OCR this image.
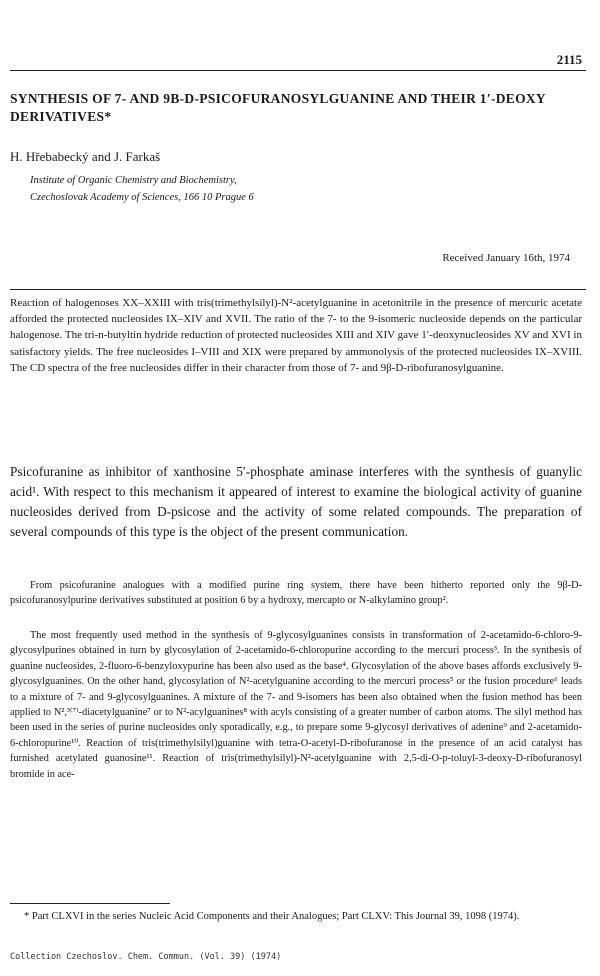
2115
SYNTHESIS OF 7- AND 9Β-D-PSICOFURANOSYLGUANINE AND THEIR 1′-DEOXY DERIVATIVES*

H. Hřebabecký and J. Farkaš

Institute of Organic Chemistry and Biochemistry,
Czechoslovak Academy of Sciences, 166 10 Prague 6

Received January 16th, 1974

Reaction of halogenoses XX–XXIII with tris(trimethylsilyl)-N²-acetylguanine in acetonitrile in the presence of mercuric acetate afforded the protected nucleosides IX–XIV and XVII. The ratio of the 7- to the 9-isomeric nucleoside depends on the particular halogenose. The tri-n-butyltin hydride reduction of protected nucleosides XIII and XIV gave 1′-deoxynucleosides XV and XVI in satisfactory yields. The free nucleosides I–VIII and XIX were prepared by ammonolysis of the protected nucleosides IX–XVIII. The CD spectra of the free nucleosides differ in their character from those of 7- and 9β-D-ribofuranosylguanine.

Psicofuranine as inhibitor of xanthosine 5′-phosphate aminase interferes with the synthesis of guanylic acid¹. With respect to this mechanism it appeared of interest to examine the biological activity of guanine nucleosides derived from D-psicose and the activity of some related compounds. The preparation of several compounds of this type is the object of the present communication.

From psicofuranine analogues with a modified purine ring system, there have been hitherto reported only the 9β-D-psicofuranosylpurine derivatives substituted at position 6 by a hydroxy, mercapto or N-alkylamino group².

The most frequently used method in the synthesis of 9-glycosylguanines consists in transformation of 2-acetamido-6-chloro-9-glycosylpurines obtained in turn by glycosylation of 2-acetamido-6-chloropurine according to the mercuri process³. In the synthesis of guanine nucleosides, 2-fluoro-6-benzyloxypurine has been also used as the base⁴. Glycosylation of the above bases affords exclusively 9-glycosylguanines. On the other hand, glycosylation of N²-acetylguanine according to the mercuri process⁵ or the fusion procedure⁶ leads to a mixture of 7- and 9-glycosylguanines. A mixture of the 7- and 9-isomers has been also obtained when the fusion method has been applied to N²,³⁽⁷⁾-diacetylguanine⁷ or to N²-acylguanines⁸ with acyls consisting of a greater number of carbon atoms. The silyl method has been used in the series of purine nucleosides only sporadically, e.g., to prepare some 9-glycosyl derivatives of adenine⁹ and 2-acetamido-6-chloropurine¹⁰. Reaction of tris(trimethylsilyl)guanine with tetra-O-acetyl-D-ribofuranose in the presence of an acid catalyst has furnished acetylated guanosine¹¹. Reaction of tris(trimethylsilyl)-N²-acetylguanine with 2,5-di-O-p-toluyl-3-deoxy-D-ribofuranosyl bromide in ace-

* Part CLXVI in the series Nucleic Acid Components and their Analogues; Part CLXV: This Journal 39, 1098 (1974).

Collection Czechoslov. Chem. Commun. (Vol. 39) (1974)
